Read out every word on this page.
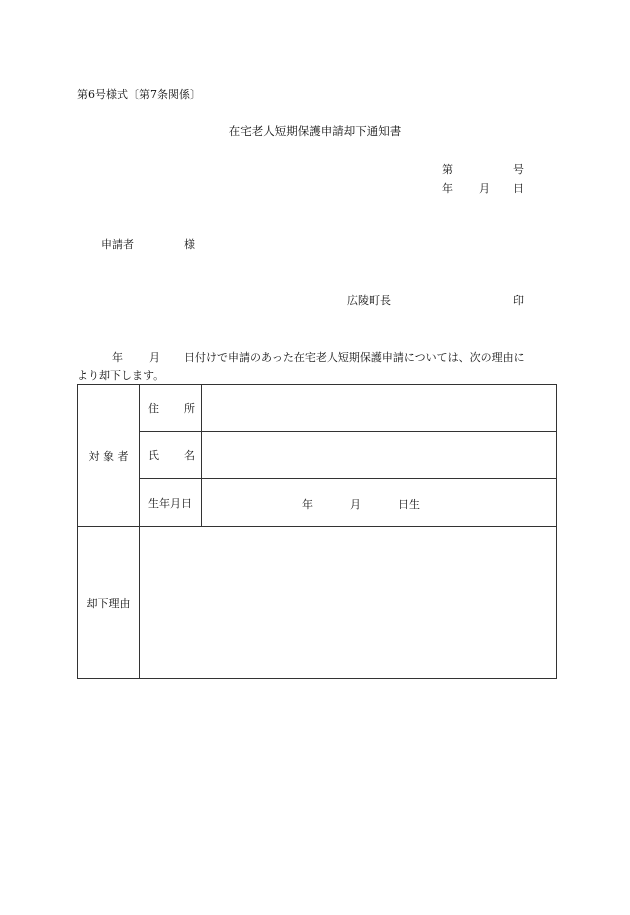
第6号様式〔第7条関係〕
在宅老人短期保護申請却下通知書
第	号
年 月 日
申請者	様
広陵町長	印
年 月 日付けで申請のあった在宅老人短期保護申請については、次の理由に
より却下します。
対 象 者	住 所	

	氏 名	

	生年月日	年 月 日生

却下理由		
